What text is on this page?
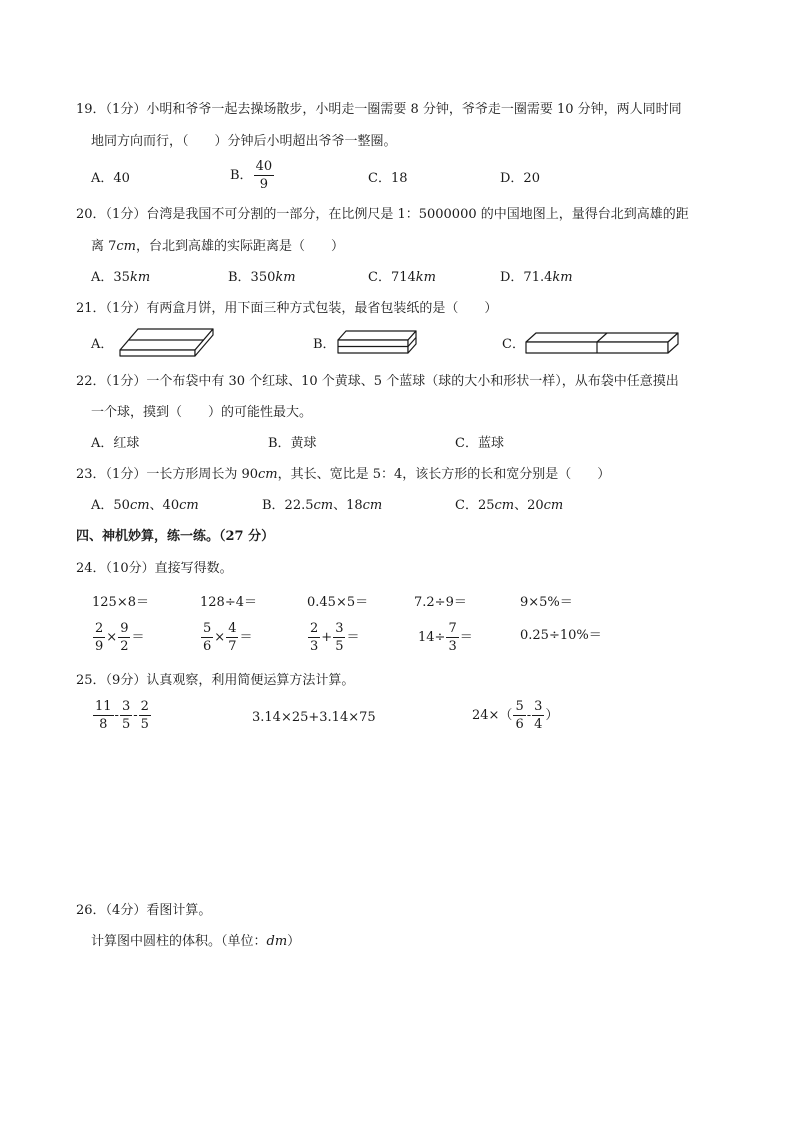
19．（1分）小明和爷爷一起去操场散步，小明走一圈需要 8 分钟，爷爷走一圈需要 10 分钟，两人同时同
地同方向而行，（　　）分钟后小明超出爷爷一整圈。
A．40	B． $\frac{40}{9}$	C．18	D．20
20．（1分）台湾是我国不可分割的一部分，在比例尺是 1：5000000 的中国地图上，量得台北到高雄的距
离 7cm，台北到高雄的实际距离是（　　）
A．35km	B．350km	C．714km	D．71.4km
21．（1分）有两盒月饼，用下面三种方式包装，最省包装纸的是（　　）
A．	B．	C．
22．（1分）一个布袋中有 30 个红球、10 个黄球、5 个蓝球（球的大小和形状一样），从布袋中任意摸出
一个球，摸到（　　）的可能性最大。
A．红球	B．黄球	C．蓝球
23．（1分）一长方形周长为 90cm，其长、宽比是 5：4，该长方形的长和宽分别是（　　）
A．50cm、40cm	B．22.5cm、18cm	C．25cm、20cm
四、神机妙算，练一练。（27 分）
24．（10分）直接写得数。
125×8＝	128÷4＝	0.45×5＝	7.2÷9＝	9×5%＝
$\frac{2}{9} \times \frac{9}{2}$ ＝	$\frac{5}{6} \times \frac{4}{7}$ ＝	$\frac{2}{3} + \frac{3}{5}$ ＝	$14\div \frac{7}{3}$ ＝	0.25÷10%＝
25．（9分）认真观察，利用简便运算方法计算。
$\frac{11}{8} - \frac{3}{5} - \frac{2}{5}$	3.14×25+3.14×75	$24\times( \frac{5}{6} - \frac{3}{4}$ ）
26．（4分）看图计算。
计算图中圆柱的体积。（单位：dm）
